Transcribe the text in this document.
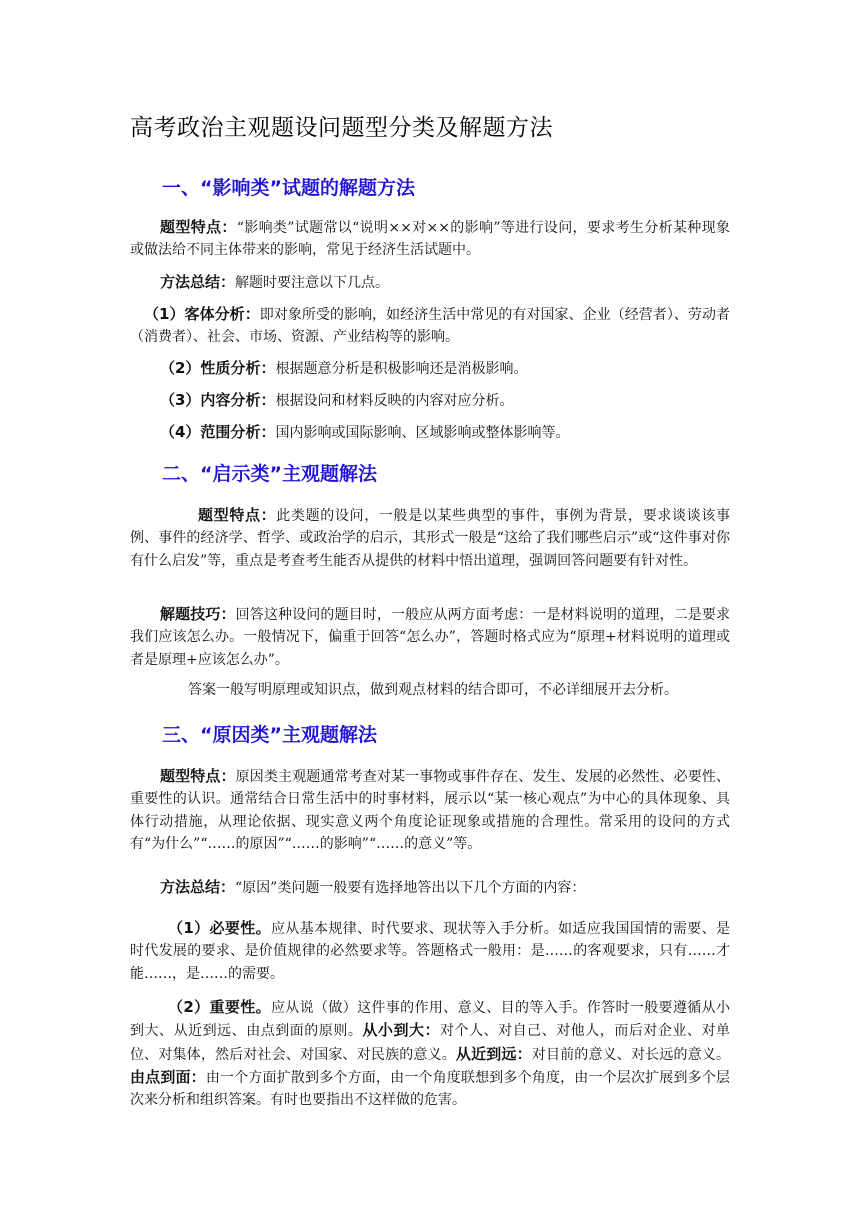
高考政治主观题设问题型分类及解题方法
一、“影响类”试题的解题方法

题型特点：“影响类”试题常以“说明××对××的影响”等进行设问，要求考生分析某种现象或做法给不同主体带来的影响，常见于经济生活试题中。

方法总结：解题时要注意以下几点。

（1）客体分析：即对象所受的影响，如经济生活中常见的有对国家、企业（经营者）、劳动者（消费者）、社会、市场、资源、产业结构等的影响。

（2）性质分析：根据题意分析是积极影响还是消极影响。

（3）内容分析：根据设问和材料反映的内容对应分析。

（4）范围分析：国内影响或国际影响、区域影响或整体影响等。

二、“启示类”主观题解法

题型特点：此类题的设问，一般是以某些典型的事件，事例为背景，要求谈谈该事例、事件的经济学、哲学、或政治学的启示，其形式一般是“这给了我们哪些启示”或“这件事对你有什么启发”等，重点是考查考生能否从提供的材料中悟出道理，强调回答问题要有针对性。

解题技巧：回答这种设问的题目时，一般应从两方面考虑：一是材料说明的道理，二是要求我们应该怎么办。一般情况下，偏重于回答“怎么办”，答题时格式应为“原理+材料说明的道理或者是原理+应该怎么办”。

答案一般写明原理或知识点，做到观点材料的结合即可，不必详细展开去分析。

三、“原因类”主观题解法

题型特点：原因类主观题通常考查对某一事物或事件存在、发生、发展的必然性、必要性、重要性的认识。通常结合日常生活中的时事材料，展示以“某一核心观点”为中心的具体现象、具体行动措施，从理论依据、现实意义两个角度论证现象或措施的合理性。常采用的设问的方式有“为什么”“……的原因”“……的影响”“……的意义”等。

方法总结：“原因”类问题一般要有选择地答出以下几个方面的内容：

（1）必要性。应从基本规律、时代要求、现状等入手分析。如适应我国国情的需要、是时代发展的要求、是价值规律的必然要求等。答题格式一般用：是……的客观要求，只有……才能……，是……的需要。

（2）重要性。应从说（做）这件事的作用、意义、目的等入手。作答时一般要遵循从小到大、从近到远、由点到面的原则。从小到大：对个人、对自己、对他人，而后对企业、对单位、对集体，然后对社会、对国家、对民族的意义。从近到远：对目前的意义、对长远的意义。由点到面：由一个方面扩散到多个方面，由一个角度联想到多个角度，由一个层次扩展到多个层次来分析和组织答案。有时也要指出不这样做的危害。
